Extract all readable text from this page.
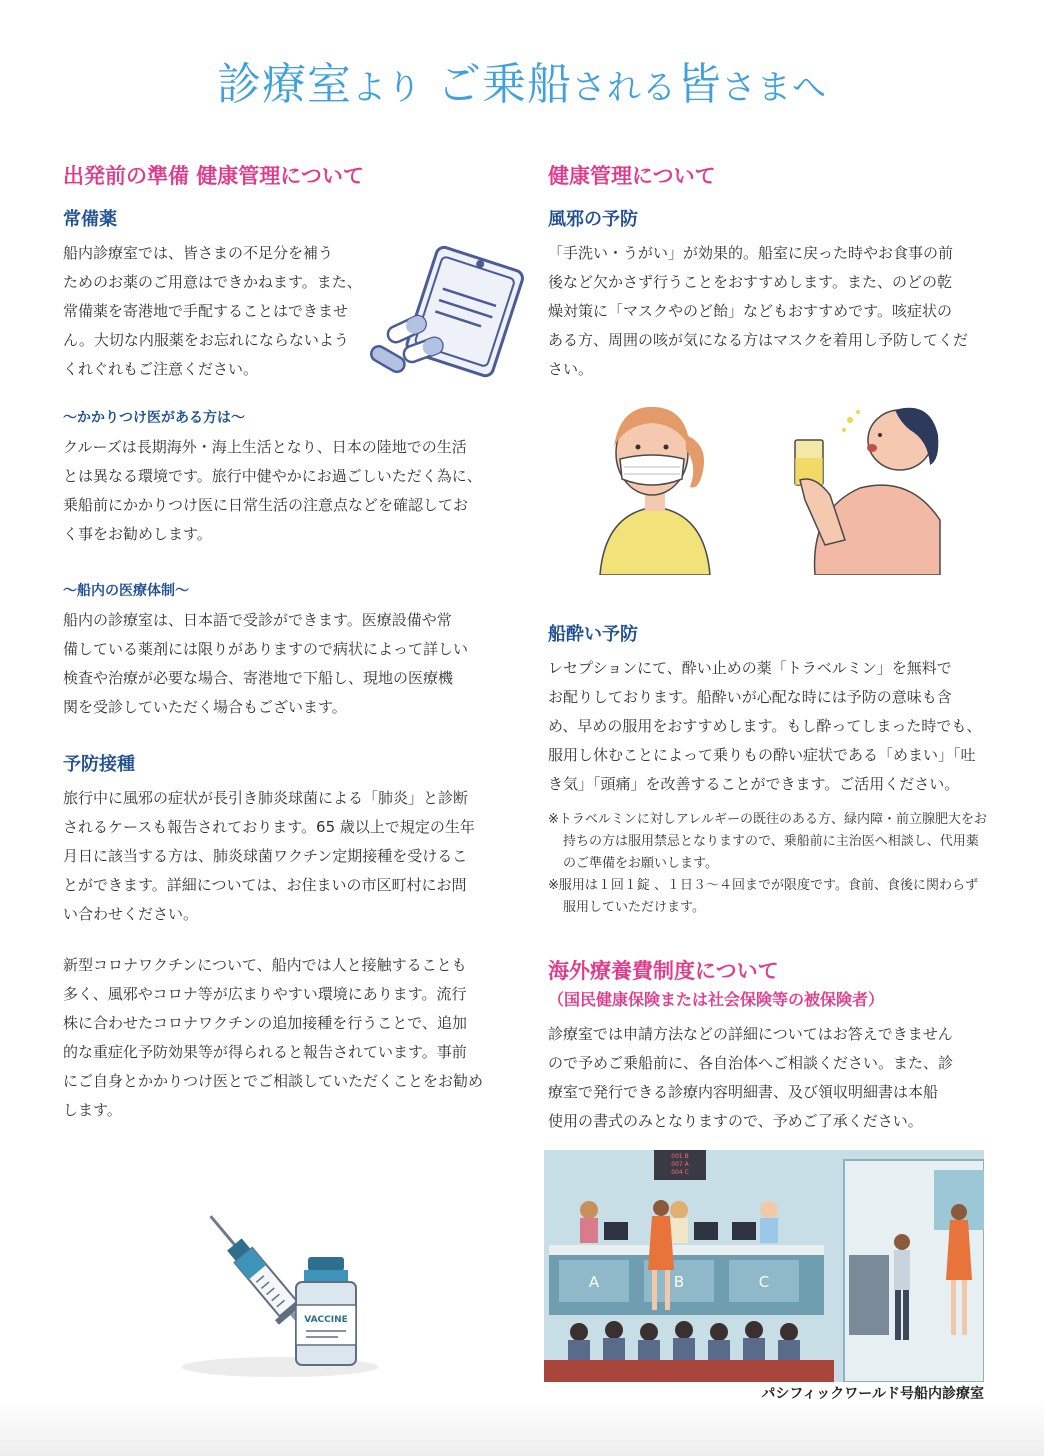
診療室より ご乗船される皆さまへ

出発前の準備 健康管理について

常備薬

船内診療室では、皆さまの不足分を補う

ためのお薬のご用意はできかねます。また、

常備薬を寄港地で手配することはできませ

ん。大切な内服薬をお忘れにならないよう

くれぐれもご注意ください。

〜かかりつけ医がある方は〜

クルーズは長期海外・海上生活となり、日本の陸地での生活

とは異なる環境です。旅行中健やかにお過ごしいただく為に、

乗船前にかかりつけ医に日常生活の注意点などを確認してお

く事をお勧めします。

〜船内の医療体制〜

船内の診療室は、日本語で受診ができます。医療設備や常

備している薬剤には限りがありますので病状によって詳しい

検査や治療が必要な場合、寄港地で下船し、現地の医療機

関を受診していただく場合もございます。

予防接種

旅行中に風邪の症状が長引き肺炎球菌による「肺炎」と診断

されるケースも報告されております。65 歳以上で規定の生年

月日に該当する方は、肺炎球菌ワクチン定期接種を受けるこ

とができます。詳細については、お住まいの市区町村にお問

い合わせください。

新型コロナワクチンについて、船内では人と接触することも

多く、風邪やコロナ等が広まりやすい環境にあります。流行

株に合わせたコロナワクチンの追加接種を行うことで、追加

的な重症化予防効果等が得られると報告されています。事前

にご自身とかかりつけ医とでご相談していただくことをお勧め

します。

VACCINE

健康管理について

風邪の予防

「手洗い・うがい」が効果的。船室に戻った時やお食事の前

後など欠かさず行うことをおすすめします。また、のどの乾

燥対策に「マスクやのど飴」などもおすすめです。咳症状の

ある方、周囲の咳が気になる方はマスクを着用し予防してくだ

さい。

船酔い予防

レセプションにて、酔い止めの薬「トラベルミン」を無料で

お配りしております。船酔いが心配な時には予防の意味も含

め、早めの服用をおすすめします。もし酔ってしまった時でも、

服用し休むことによって乗りもの酔い症状である「めまい」「吐

き気」「頭痛」を改善することができます。ご活用ください。

※トラベルミンに対しアレルギーの既往のある方、緑内障・前立腺肥大をお持ちの方は服用禁忌となりますので、乗船前に主治医へ相談し、代用薬のご準備をお願いします。

※服用は１回１錠 、１日３〜４回までが限度です。食前、食後に関わらず服用していただけます。

海外療養費制度について

（国民健康保険または社会保険等の被保険者）

診療室では申請方法などの詳細についてはお答えできません

ので予めご乗船前に、各自治体へご相談ください。また、診

療室で発行できる診療内容明細書、及び領収明細書は本船

使用の書式のみとなりますので、予めご了承ください。

001 B
007 A
004 C
A	B	C
パシフィックワールド号船内診療室
